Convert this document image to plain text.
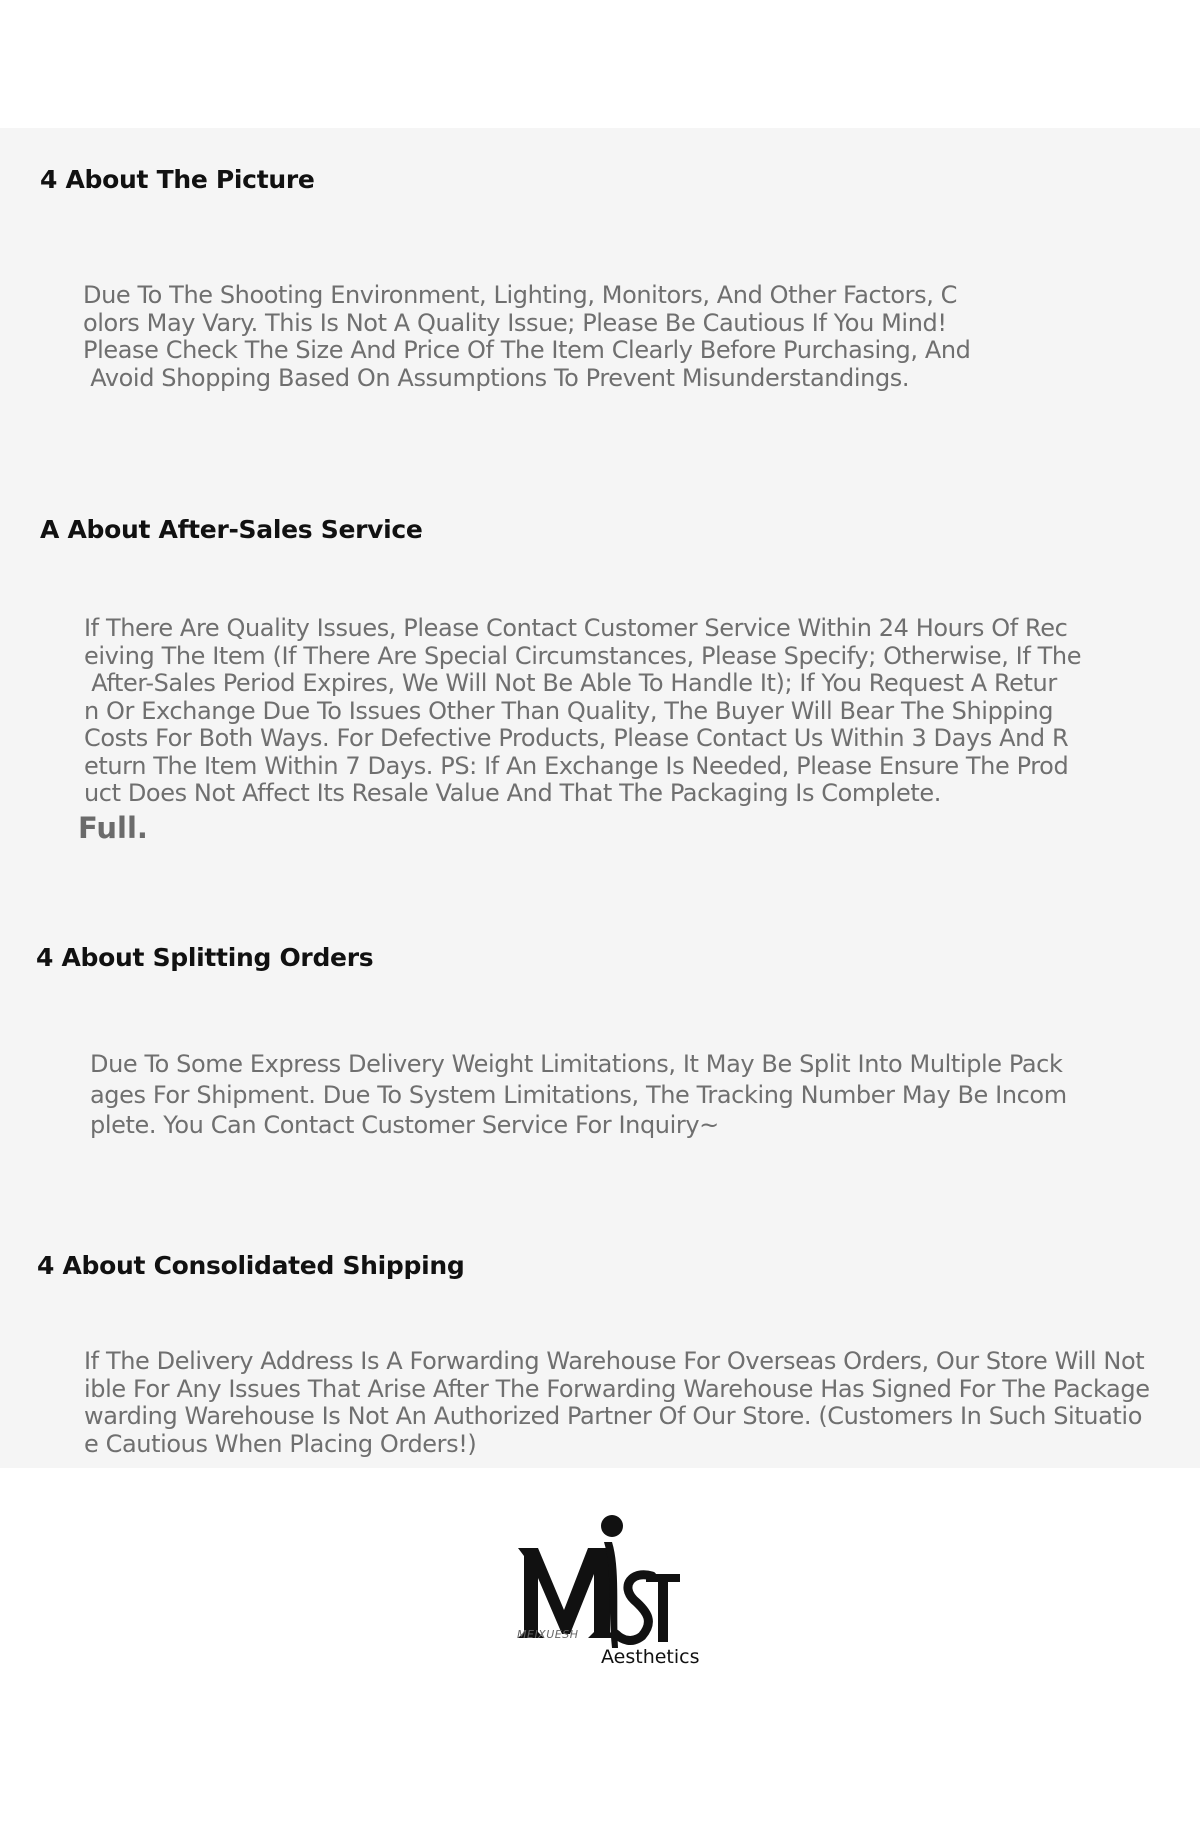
4 About The Picture

Due To The Shooting Environment, Lighting, Monitors, And Other Factors, C
olors May Vary. This Is Not A Quality Issue; Please Be Cautious If You Mind!
Please Check The Size And Price Of The Item Clearly Before Purchasing, And
Avoid Shopping Based On Assumptions To Prevent Misunderstandings.

A About After-Sales Service

If There Are Quality Issues, Please Contact Customer Service Within 24 Hours Of Rec
eiving The Item (If There Are Special Circumstances, Please Specify; Otherwise, If The
After-Sales Period Expires, We Will Not Be Able To Handle It); If You Request A Retur
n Or Exchange Due To Issues Other Than Quality, The Buyer Will Bear The Shipping
Costs For Both Ways. For Defective Products, Please Contact Us Within 3 Days And R
eturn The Item Within 7 Days. PS: If An Exchange Is Needed, Please Ensure The Prod
uct Does Not Affect Its Resale Value And That The Packaging Is Complete.

Full.

4 About Splitting Orders

Due To Some Express Delivery Weight Limitations, It May Be Split Into Multiple Pack
ages For Shipment. Due To System Limitations, The Tracking Number May Be Incom
plete. You Can Contact Customer Service For Inquiry~

4 About Consolidated Shipping

If The Delivery Address Is A Forwarding Warehouse For Overseas Orders, Our Store Will Not
ible For Any Issues That Arise After The Forwarding Warehouse Has Signed For The Package
warding Warehouse Is Not An Authorized Partner Of Our Store. (Customers In Such Situatio
e Cautious When Placing Orders!)

MEIXUESH
Aesthetics
